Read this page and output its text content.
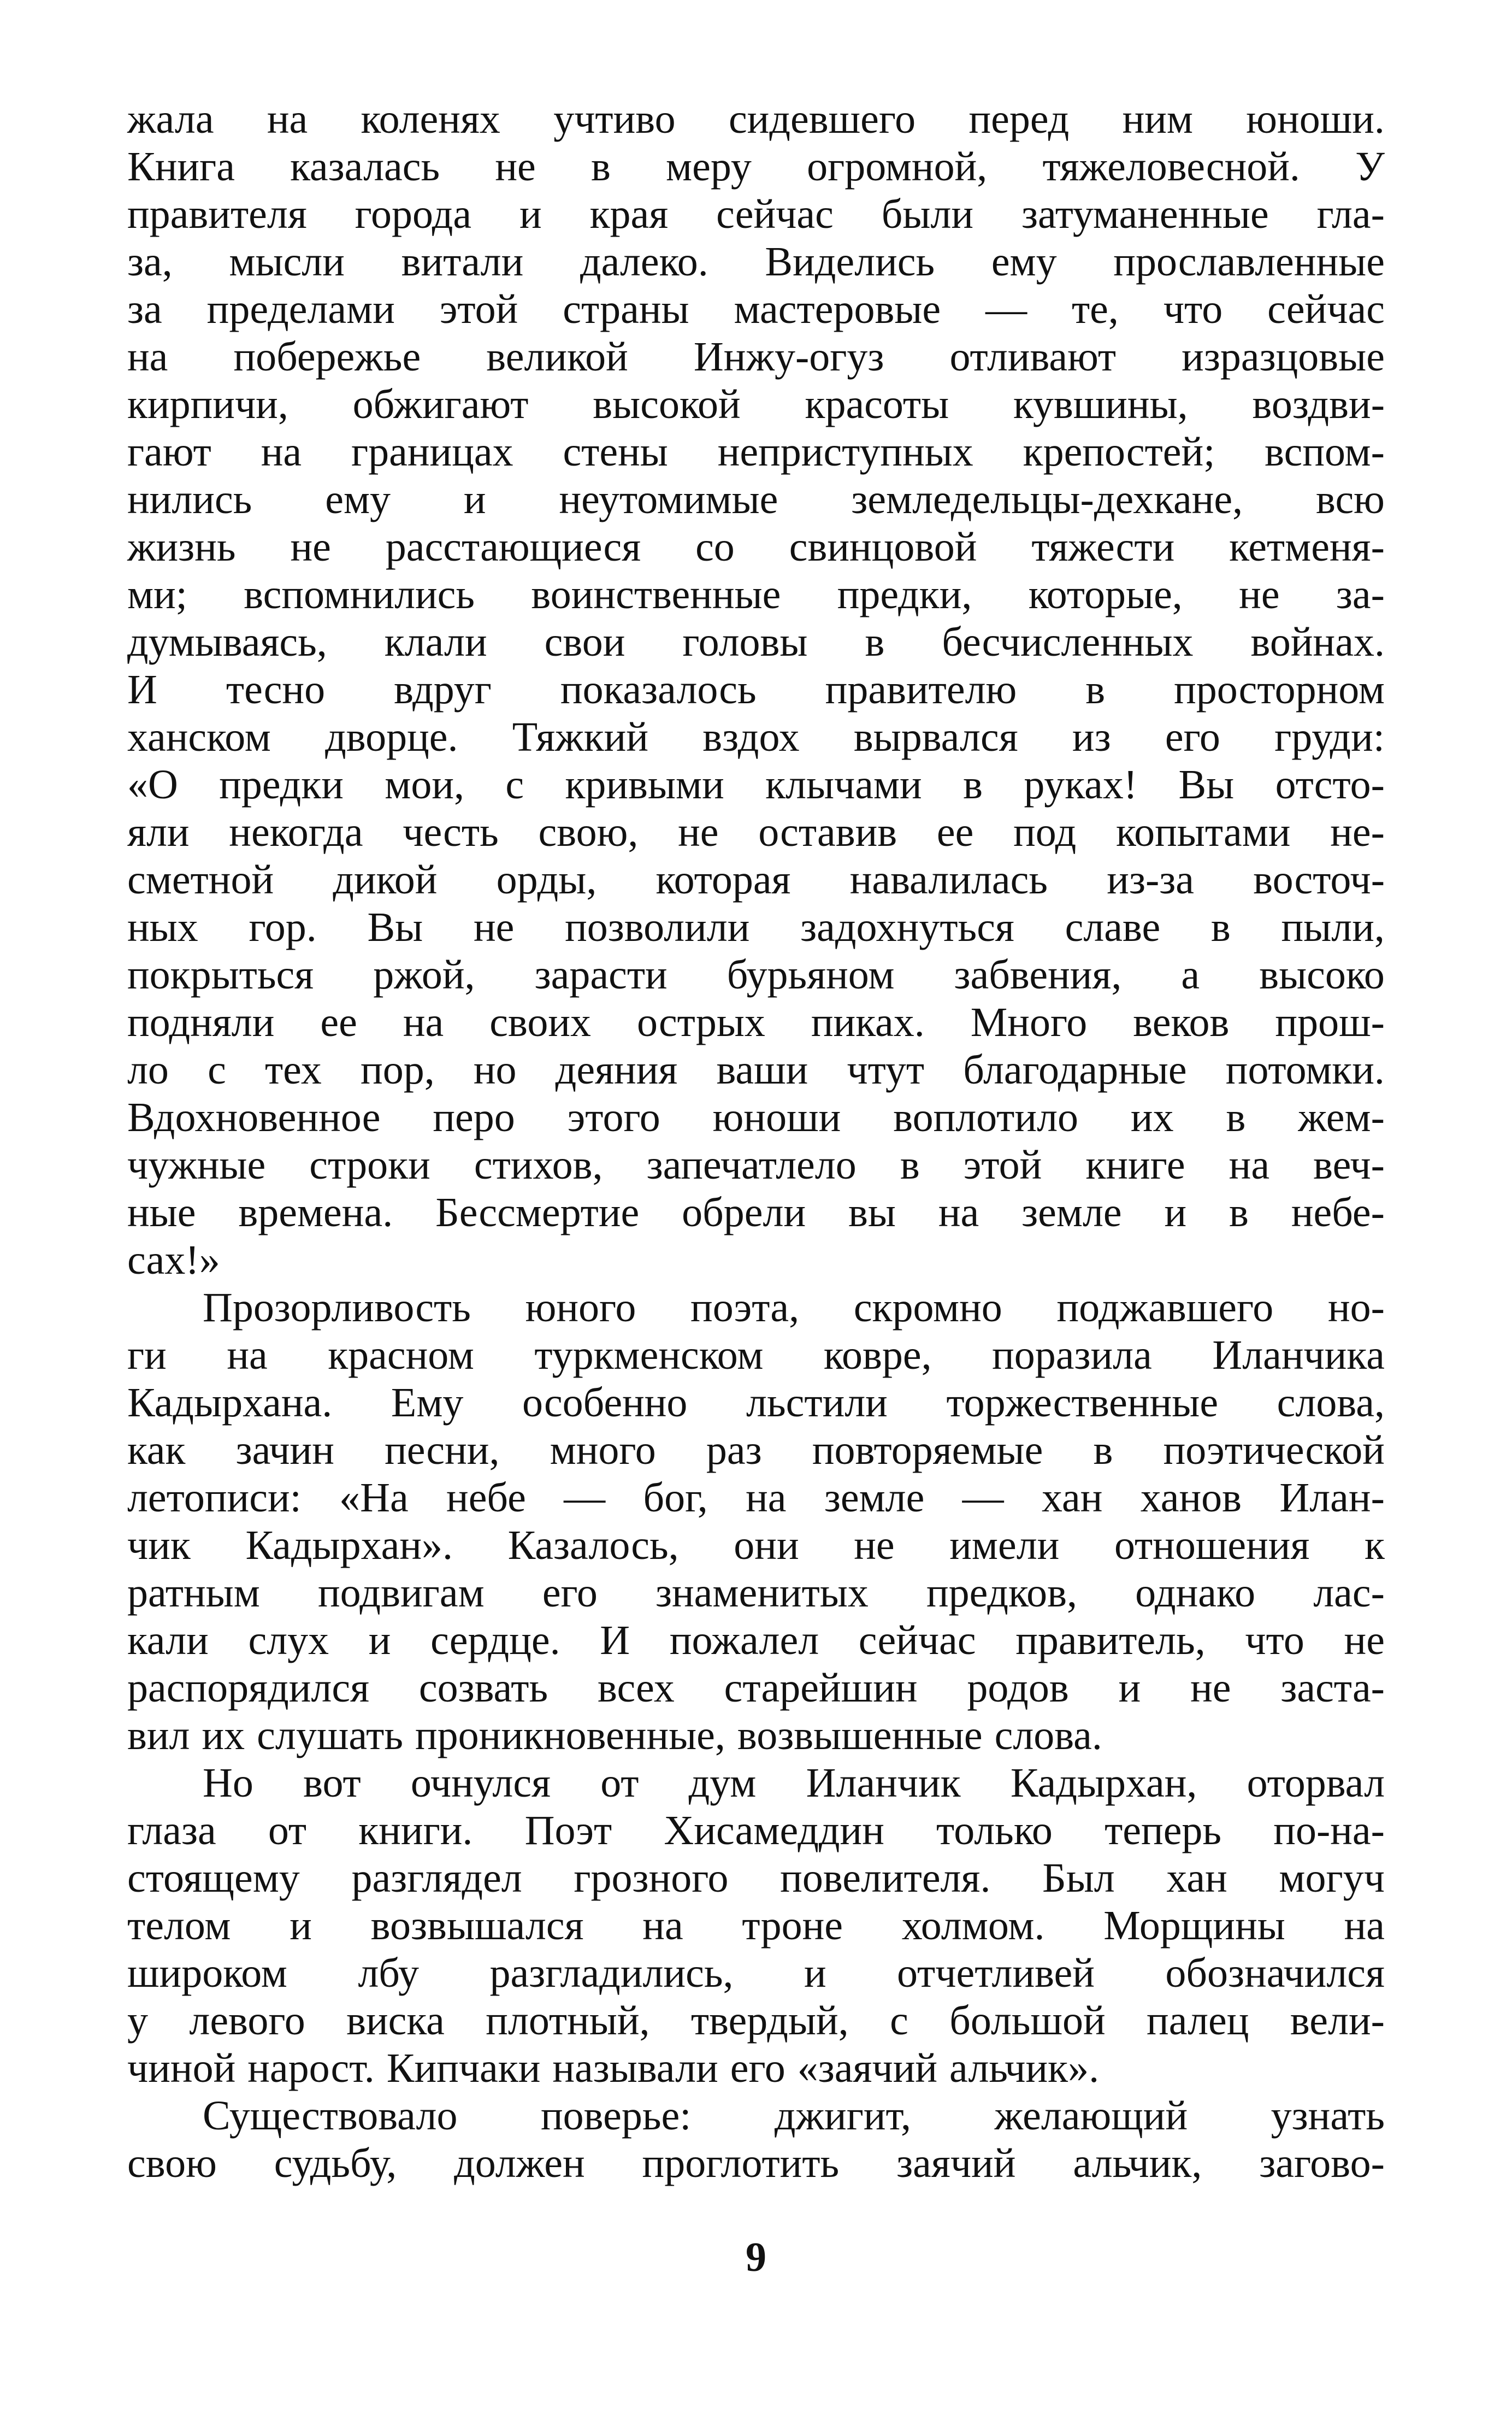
жала на коленях учтиво сидевшего перед ним юноши.
Книга казалась не в меру огромной, тяжеловесной. У
правителя города и края сейчас были затуманенные гла-
за, мысли витали далеко. Виделись ему прославленные
за пределами этой страны мастеровые — те, что сейчас
на побережье великой Инжу-огуз отливают изразцовые
кирпичи, обжигают высокой красоты кувшины, воздви-
гают на границах стены неприступных крепостей; вспом-
нились ему и неутомимые земледельцы-дехкане, всю
жизнь не расстающиеся со свинцовой тяжести кетменя-
ми; вспомнились воинственные предки, которые, не за-
думываясь, клали свои головы в бесчисленных войнах.
И тесно вдруг показалось правителю в просторном
ханском дворце. Тяжкий вздох вырвался из его груди:
«О предки мои, с кривыми клычами в руках! Вы отсто-
яли некогда честь свою, не оставив ее под копытами не-
сметной дикой орды, которая навалилась из-за восточ-
ных гор. Вы не позволили задохнуться славе в пыли,
покрыться ржой, зарасти бурьяном забвения, а высоко
подняли ее на своих острых пиках. Много веков прош-
ло с тех пор, но деяния ваши чтут благодарные потомки.
Вдохновенное перо этого юноши воплотило их в жем-
чужные строки стихов, запечатлело в этой книге на веч-
ные времена. Бессмертие обрели вы на земле и в небе-
сах!»
Прозорливость юного поэта, скромно поджавшего но-
ги на красном туркменском ковре, поразила Иланчика
Кадырхана. Ему особенно льстили торжественные слова,
как зачин песни, много раз повторяемые в поэтической
летописи: «На небе — бог, на земле — хан ханов Илан-
чик Кадырхан». Казалось, они не имели отношения к
ратным подвигам его знаменитых предков, однако лас-
кали слух и сердце. И пожалел сейчас правитель, что не
распорядился созвать всех старейшин родов и не заста-
вил их слушать проникновенные, возвышенные слова.
Но вот очнулся от дум Иланчик Кадырхан, оторвал
глаза от книги. Поэт Хисамеддин только теперь по-на-
стоящему разглядел грозного повелителя. Был хан могуч
телом и возвышался на троне холмом. Морщины на
широком лбу разгладились, и отчетливей обозначился
у левого виска плотный, твердый, с большой палец вели-
чиной нарост. Кипчаки называли его «заячий альчик».
Существовало поверье: джигит, желающий узнать
свою судьбу, должен проглотить заячий альчик, загово-
9
